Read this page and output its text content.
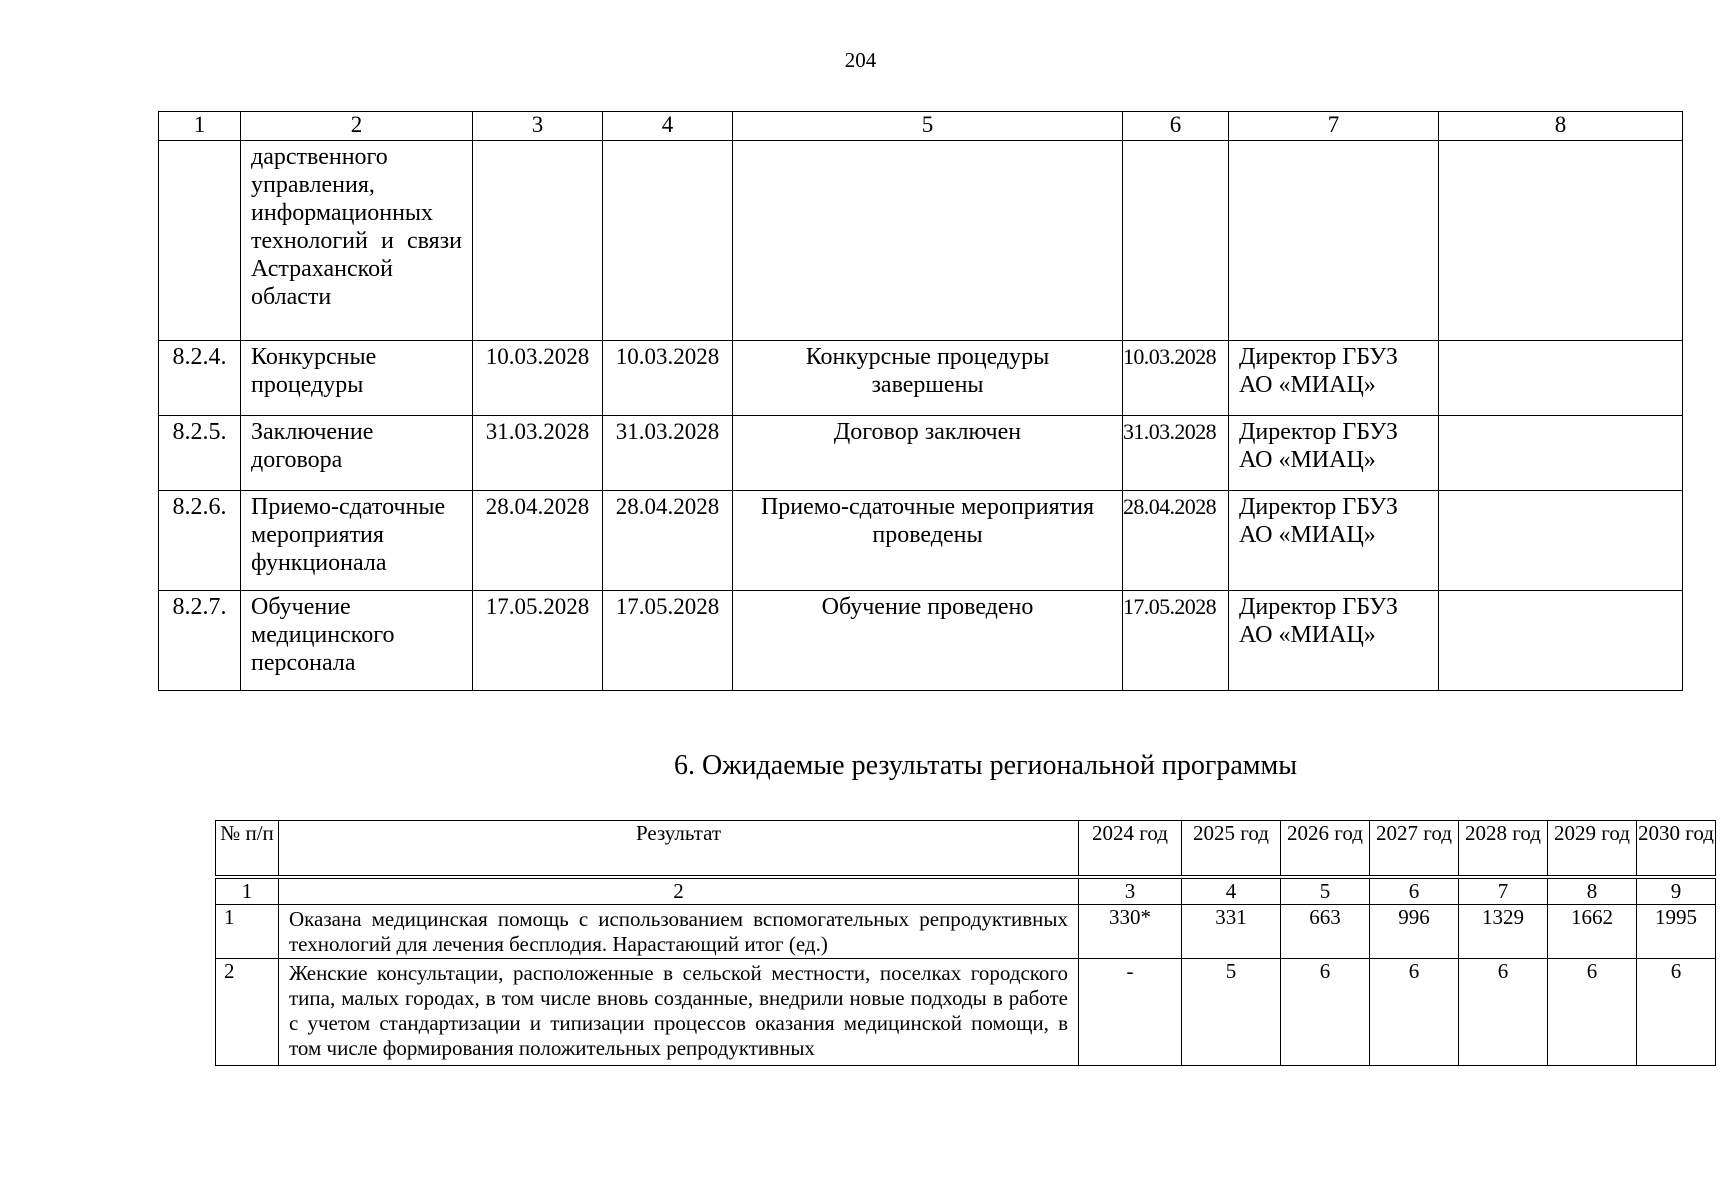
204
1	2	3	4	5	6	7	8
	дарственного управления, информационных технологий и связи Астраханской области						
8.2.4.	Конкурсные процедуры	10.03.2028	10.03.2028	Конкурсные процедуры завершены	10.03.2028	Директор ГБУЗ АО «МИАЦ»	
8.2.5.	Заключение договора	31.03.2028	31.03.2028	Договор заключен	31.03.2028	Директор ГБУЗ АО «МИАЦ»	
8.2.6.	Приемо-сдаточные мероприятия функционала	28.04.2028	28.04.2028	Приемо-сдаточные мероприятия проведены	28.04.2028	Директор ГБУЗ АО «МИАЦ»	
8.2.7.	Обучение медицинского персонала	17.05.2028	17.05.2028	Обучение проведено	17.05.2028	Директор ГБУЗ АО «МИАЦ»	
6. Ожидаемые результаты региональной программы
№ п/п	Результат	2024 год	2025 год	2026 год	2027 год	2028 год	2029 год	2030 год
1	2	3	4	5	6	7	8	9
1	Оказана медицинская помощь с использованием вспомогательных репродуктивных технологий для лечения бесплодия. Нарастающий итог (ед.)	330*	331	663	996	1329	1662	1995
2	Женские консультации, расположенные в сельской местности, поселках городского типа, малых городах, в том числе вновь созданные, внедрили новые подходы в работе с учетом стандартизации и типизации процессов оказания медицинской помощи, в том числе формирования положительных репродуктивных	-	5	6	6	6	6	6
